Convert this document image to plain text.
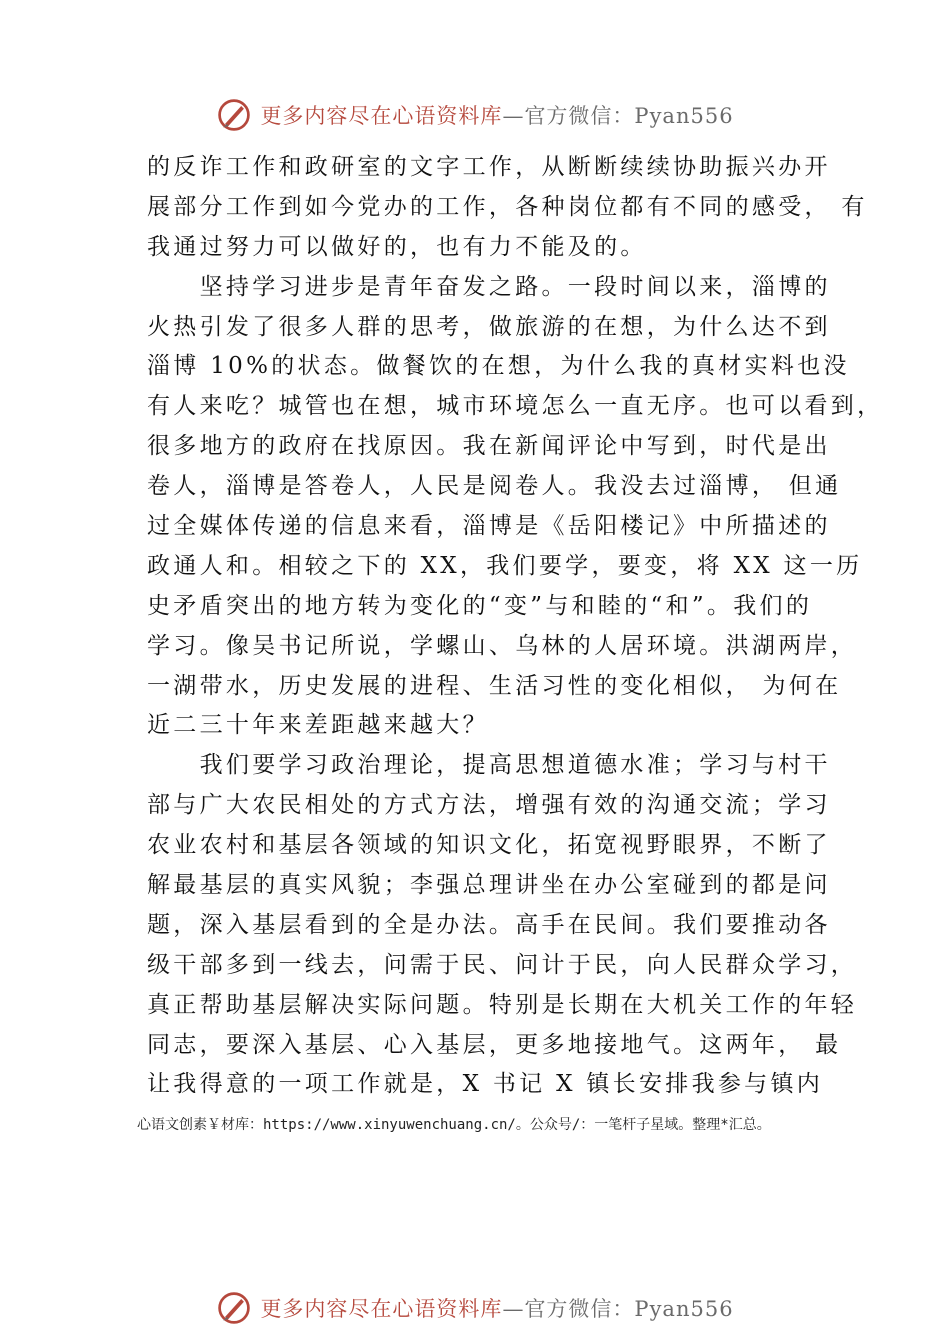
更多内容尽在心语资料库—官方微信：Pyan556
的反诈工作和政研室的文字工作，从断断续续协助振兴办开
展部分工作到如今党办的工作，各种岗位都有不同的感受， 有
我通过努力可以做好的，也有力不能及的。
　　坚持学习进步是青年奋发之路。一段时间以来，淄博的
火热引发了很多人群的思考，做旅游的在想，为什么达不到
淄博 10%的状态。做餐饮的在想，为什么我的真材实料也没
有人来吃？城管也在想，城市环境怎么一直无序。也可以看到，
很多地方的政府在找原因。我在新闻评论中写到，时代是出
卷人，淄博是答卷人，人民是阅卷人。我没去过淄博， 但通
过全媒体传递的信息来看，淄博是《岳阳楼记》中所描述的
政通人和。相较之下的 XX，我们要学，要变，将 XX 这一历
史矛盾突出的地方转为变化的“变”与和睦的“和”。我们的
学习。像吴书记所说，学螺山、乌林的人居环境。洪湖两岸，
一湖带水，历史发展的进程、生活习性的变化相似， 为何在
近二三十年来差距越来越大？
　　我们要学习政治理论，提高思想道德水准；学习与村干
部与广大农民相处的方式方法，增强有效的沟通交流；学习
农业农村和基层各领域的知识文化，拓宽视野眼界，不断了
解最基层的真实风貌；李强总理讲坐在办公室碰到的都是问
题，深入基层看到的全是办法。高手在民间。我们要推动各
级干部多到一线去，问需于民、问计于民，向人民群众学习，
真正帮助基层解决实际问题。特别是长期在大机关工作的年轻
同志，要深入基层、心入基层，更多地接地气。这两年， 最
让我得意的一项工作就是，X 书记 X 镇长安排我参与镇内
心语文创素￥材库：https://www.xinyuwenchuang.cn/。公众号/：一笔杆子星域。整理*汇总。
更多内容尽在心语资料库—官方微信：Pyan556
